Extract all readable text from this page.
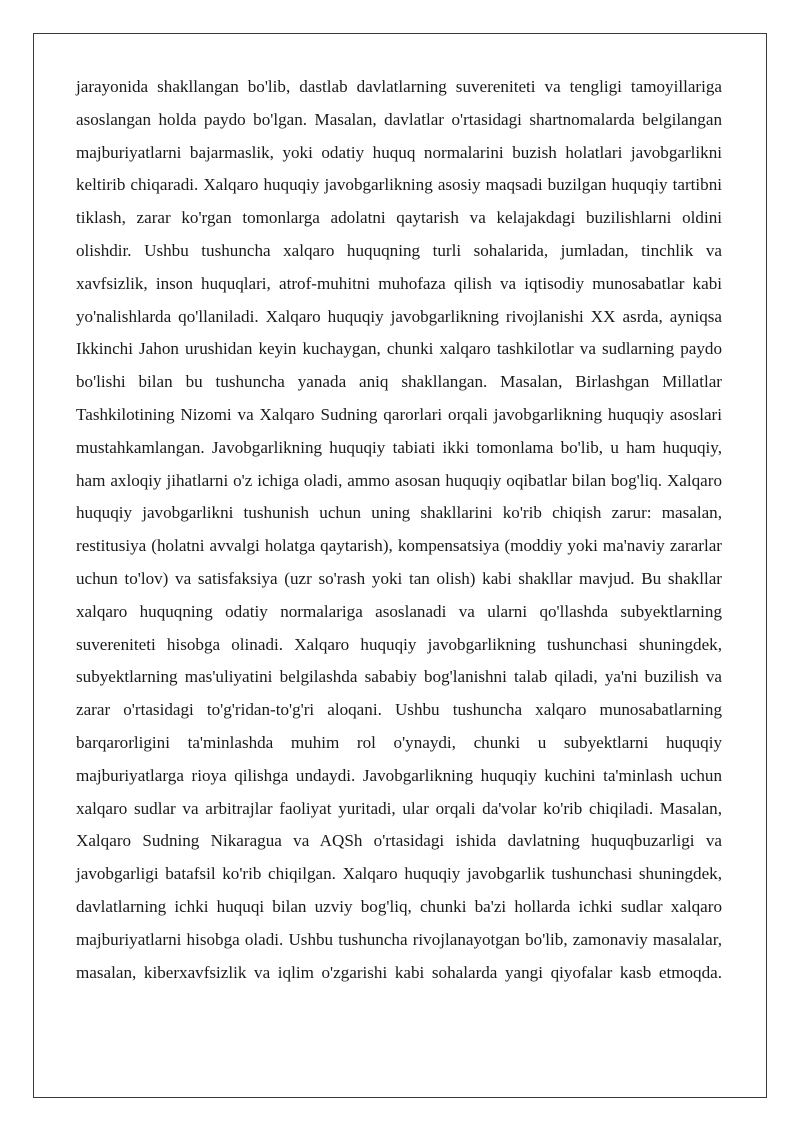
jarayonida shakllangan bo'lib, dastlab davlatlarning suvereniteti va tengligi tamoyillariga asoslangan holda paydo bo'lgan. Masalan, davlatlar o'rtasidagi shartnomalarda belgilangan majburiyatlarni bajarmaslik, yoki odatiy huquq normalarini buzish holatlari javobgarlikni keltirib chiqaradi. Xalqaro huquqiy javobgarlikning asosiy maqsadi buzilgan huquqiy tartibni tiklash, zarar ko'rgan tomonlarga adolatni qaytarish va kelajakdagi buzilishlarni oldini olishdir. Ushbu tushuncha xalqaro huquqning turli sohalarida, jumladan, tinchlik va xavfsizlik, inson huquqlari, atrof-muhitni muhofaza qilish va iqtisodiy munosabatlar kabi yo'nalishlarda qo'llaniladi. Xalqaro huquqiy javobgarlikning rivojlanishi XX asrda, ayniqsa Ikkinchi Jahon urushidan keyin kuchaygan, chunki xalqaro tashkilotlar va sudlarning paydo bo'lishi bilan bu tushuncha yanada aniq shakllangan. Masalan, Birlashgan Millatlar Tashkilotining Nizomi va Xalqaro Sudning qarorlari orqali javobgarlikning huquqiy asoslari mustahkamlangan. Javobgarlikning huquqiy tabiati ikki tomonlama bo'lib, u ham huquqiy, ham axloqiy jihatlarni o'z ichiga oladi, ammo asosan huquqiy oqibatlar bilan bog'liq. Xalqaro huquqiy javobgarlikni tushunish uchun uning shakllarini ko'rib chiqish zarur: masalan, restitusiya (holatni avvalgi holatga qaytarish), kompensatsiya (moddiy yoki ma'naviy zararlar uchun to'lov) va satisfaksiya (uzr so'rash yoki tan olish) kabi shakllar mavjud. Bu shakllar xalqaro huquqning odatiy normalariga asoslanadi va ularni qo'llashda subyektlarning suvereniteti hisobga olinadi. Xalqaro huquqiy javobgarlikning tushunchasi shuningdek, subyektlarning mas'uliyatini belgilashda sababiy bog'lanishni talab qiladi, ya'ni buzilish va zarar o'rtasidagi to'g'ridan-to'g'ri aloqani. Ushbu tushuncha xalqaro munosabatlarning barqarorligini ta'minlashda muhim rol o'ynaydi, chunki u subyektlarni huquqiy majburiyatlarga rioya qilishga undaydi. Javobgarlikning huquqiy kuchini ta'minlash uchun xalqaro sudlar va arbitrajlar faoliyat yuritadi, ular orqali da'volar ko'rib chiqiladi. Masalan, Xalqaro Sudning Nikaragua va AQSh o'rtasidagi ishida davlatning huquqbuzarligi va javobgarligi batafsil ko'rib chiqilgan. Xalqaro huquqiy javobgarlik tushunchasi shuningdek, davlatlarning ichki huquqi bilan uzviy bog'liq, chunki ba'zi hollarda ichki sudlar xalqaro majburiyatlarni hisobga oladi. Ushbu tushuncha rivojlanayotgan bo'lib, zamonaviy masalalar, masalan, kiberxavfsizlik va iqlim o'zgarishi kabi sohalarda yangi qiyofalar kasb etmoqda.
